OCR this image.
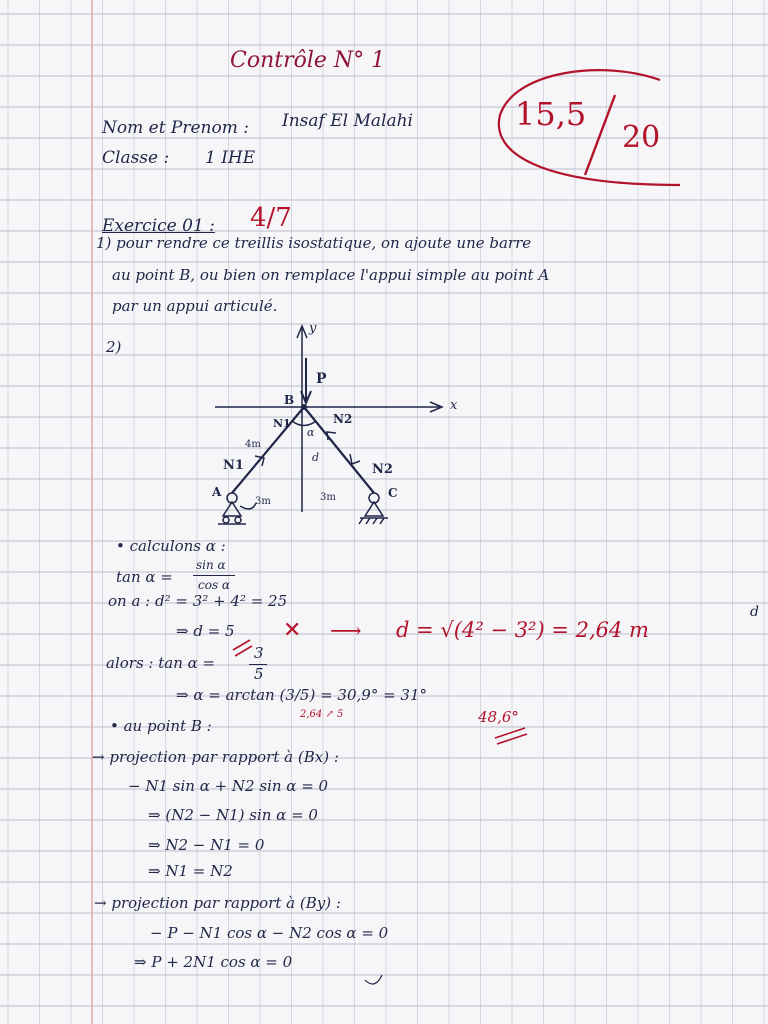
Contrôle N° 1
Nom et Prenom : Insaf El Malahi
Classe : 1 IHE
15,5
20
Exercice 01 : 4/7
1) pour rendre ce treillis isostatique, on ajoute une barre
au point B, ou bien on remplace l'appui simple au point A
par un appui articulé.
2)
y
x
P
B
N1	N2
α
4m
d
N1	N2
A	C
3m	3m
• calculons α :
tan α =
sin α
cos α
on a : d² = 3² + 4² = 25
⇒ d = 5 ✕ ⟶ d = √(4² − 3²) = 2,64 m
alors : tan α =
3
5
⇒ α = arctan (3/5) = 30,9° = 31°
2,64 ↗ 5	48,6°
• au point B :
→ projection par rapport à (Bx) :
− N1 sin α + N2 sin α = 0
⇒ (N2 − N1) sin α = 0
⇒ N2 − N1 = 0
⇒ N1 = N2
→ projection par rapport à (By) :
− P − N1 cos α − N2 cos α = 0
⇒ P + 2N1 cos α = 0
d
